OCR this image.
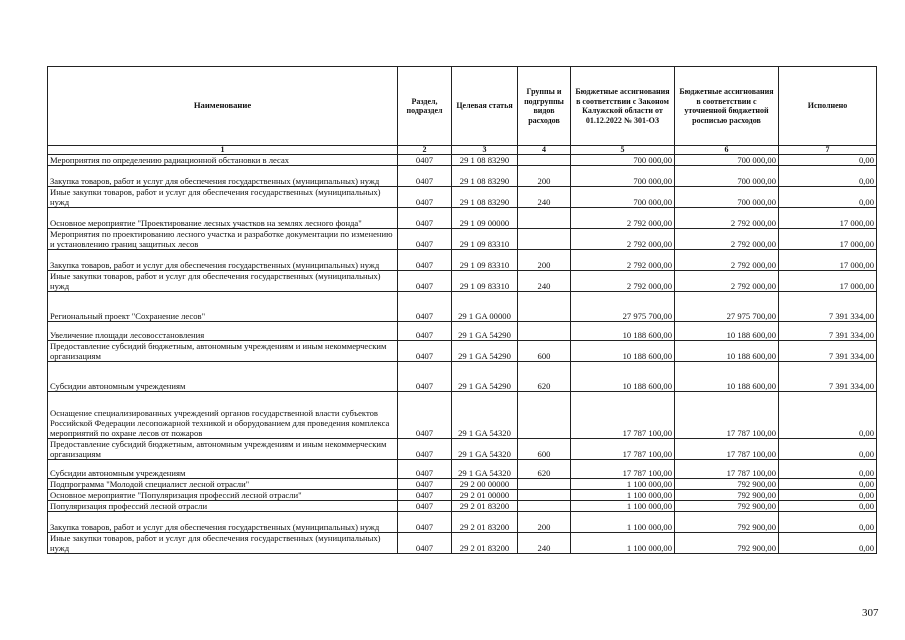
Наименование	Раздел, подраздел	Целевая статья	Группы и подгруппы видов расходов	Бюджетные ассигнования в соответствии с Законом Калужской области от 01.12.2022 № 301-ОЗ	Бюджетные ассигнования в соответствии с уточненной бюджетной росписью расходов	Исполнено
1	2	3	4	5	6	7
Мероприятия по определению радиационной обстановки в лесах	0407	29 1 08 83290		700 000,00	700 000,00	0,00
Закупка товаров, работ и услуг для обеспечения государственных (муниципальных) нужд	0407	29 1 08 83290	200	700 000,00	700 000,00	0,00
Иные закупки товаров, работ и услуг для обеспечения государственных (муниципальных) нужд	0407	29 1 08 83290	240	700 000,00	700 000,00	0,00
Основное мероприятие "Проектирование лесных участков на землях лесного фонда"	0407	29 1 09 00000		2 792 000,00	2 792 000,00	17 000,00
Мероприятия по проектированию лесного участка и разработке документации по изменению и установлению границ защитных лесов	0407	29 1 09 83310		2 792 000,00	2 792 000,00	17 000,00
Закупка товаров, работ и услуг для обеспечения государственных (муниципальных) нужд	0407	29 1 09 83310	200	2 792 000,00	2 792 000,00	17 000,00
Иные закупки товаров, работ и услуг для обеспечения государственных (муниципальных) нужд	0407	29 1 09 83310	240	2 792 000,00	2 792 000,00	17 000,00
Региональный проект "Сохранение лесов"	0407	29 1 GA 00000		27 975 700,00	27 975 700,00	7 391 334,00
Увеличение площади лесовосстановления	0407	29 1 GA 54290		10 188 600,00	10 188 600,00	7 391 334,00
Предоставление субсидий бюджетным, автономным учреждениям и иным некоммерческим организациям	0407	29 1 GA 54290	600	10 188 600,00	10 188 600,00	7 391 334,00
Субсидии автономным учреждениям	0407	29 1 GA 54290	620	10 188 600,00	10 188 600,00	7 391 334,00
Оснащение специализированных учреждений органов государственной власти субъектов Российской Федерации лесопожарной техникой и оборудованием для проведения комплекса мероприятий по охране лесов от пожаров	0407	29 1 GA 54320		17 787 100,00	17 787 100,00	0,00
Предоставление субсидий бюджетным, автономным учреждениям и иным некоммерческим организациям	0407	29 1 GA 54320	600	17 787 100,00	17 787 100,00	0,00
Субсидии автономным учреждениям	0407	29 1 GA 54320	620	17 787 100,00	17 787 100,00	0,00
Подпрограмма "Молодой специалист лесной отрасли"	0407	29 2 00 00000		1 100 000,00	792 900,00	0,00
Основное мероприятие "Популяризация профессий лесной отрасли"	0407	29 2 01 00000		1 100 000,00	792 900,00	0,00
Популяризация профессий лесной отрасли	0407	29 2 01 83200		1 100 000,00	792 900,00	0,00
Закупка товаров, работ и услуг для обеспечения государственных (муниципальных) нужд	0407	29 2 01 83200	200	1 100 000,00	792 900,00	0,00
Иные закупки товаров, работ и услуг для обеспечения государственных (муниципальных) нужд	0407	29 2 01 83200	240	1 100 000,00	792 900,00	0,00
307
